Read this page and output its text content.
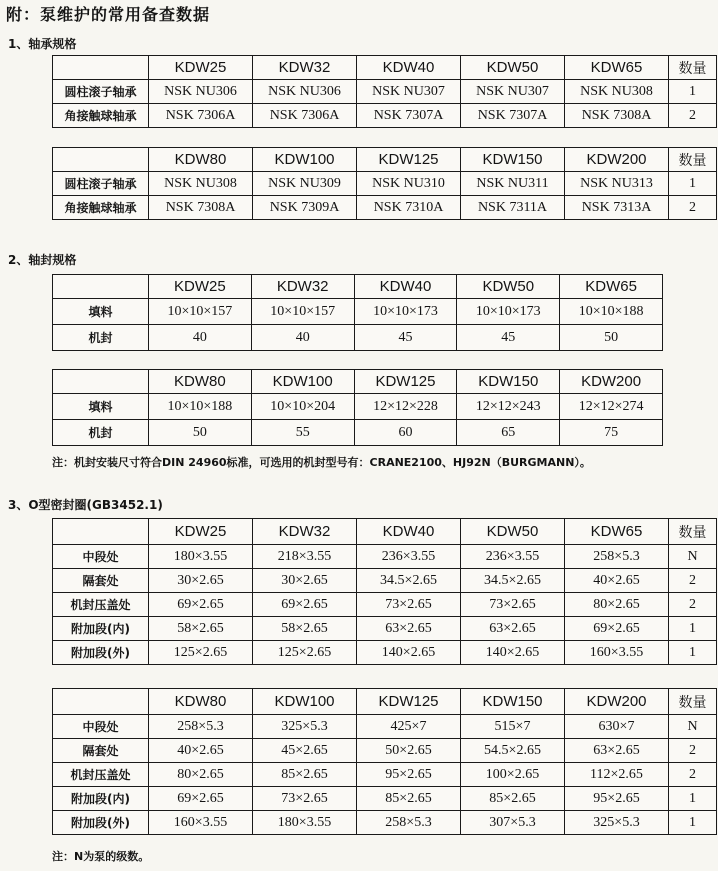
附：泵维护的常用备查数据
1、轴承规格
	KDW25	KDW32	KDW40	KDW50	KDW65	数量
圆柱滚子轴承	NSK NU306	NSK NU306	NSK NU307	NSK NU307	NSK NU308	1
角接触球轴承	NSK 7306A	NSK 7306A	NSK 7307A	NSK 7307A	NSK 7308A	2
	KDW80	KDW100	KDW125	KDW150	KDW200	数量
圆柱滚子轴承	NSK NU308	NSK NU309	NSK NU310	NSK NU311	NSK NU313	1
角接触球轴承	NSK 7308A	NSK 7309A	NSK 7310A	NSK 7311A	NSK 7313A	2
2、轴封规格
	KDW25	KDW32	KDW40	KDW50	KDW65
填料	10×10×157	10×10×157	10×10×173	10×10×173	10×10×188
机封	40	40	45	45	50
	KDW80	KDW100	KDW125	KDW150	KDW200
填料	10×10×188	10×10×204	12×12×228	12×12×243	12×12×274
机封	50	55	60	65	75
注：机封安装尺寸符合DIN 24960标准，可选用的机封型号有：CRANE2100、HJ92N（BURGMANN）。
3、O型密封圈(GB3452.1)
	KDW25	KDW32	KDW40	KDW50	KDW65	数量
中段处	180×3.55	218×3.55	236×3.55	236×3.55	258×5.3	N
隔套处	30×2.65	30×2.65	34.5×2.65	34.5×2.65	40×2.65	2
机封压盖处	69×2.65	69×2.65	73×2.65	73×2.65	80×2.65	2
附加段(内)	58×2.65	58×2.65	63×2.65	63×2.65	69×2.65	1
附加段(外)	125×2.65	125×2.65	140×2.65	140×2.65	160×3.55	1
	KDW80	KDW100	KDW125	KDW150	KDW200	数量
中段处	258×5.3	325×5.3	425×7	515×7	630×7	N
隔套处	40×2.65	45×2.65	50×2.65	54.5×2.65	63×2.65	2
机封压盖处	80×2.65	85×2.65	95×2.65	100×2.65	112×2.65	2
附加段(内)	69×2.65	73×2.65	85×2.65	85×2.65	95×2.65	1
附加段(外)	160×3.55	180×3.55	258×5.3	307×5.3	325×5.3	1
注：N为泵的级数。
